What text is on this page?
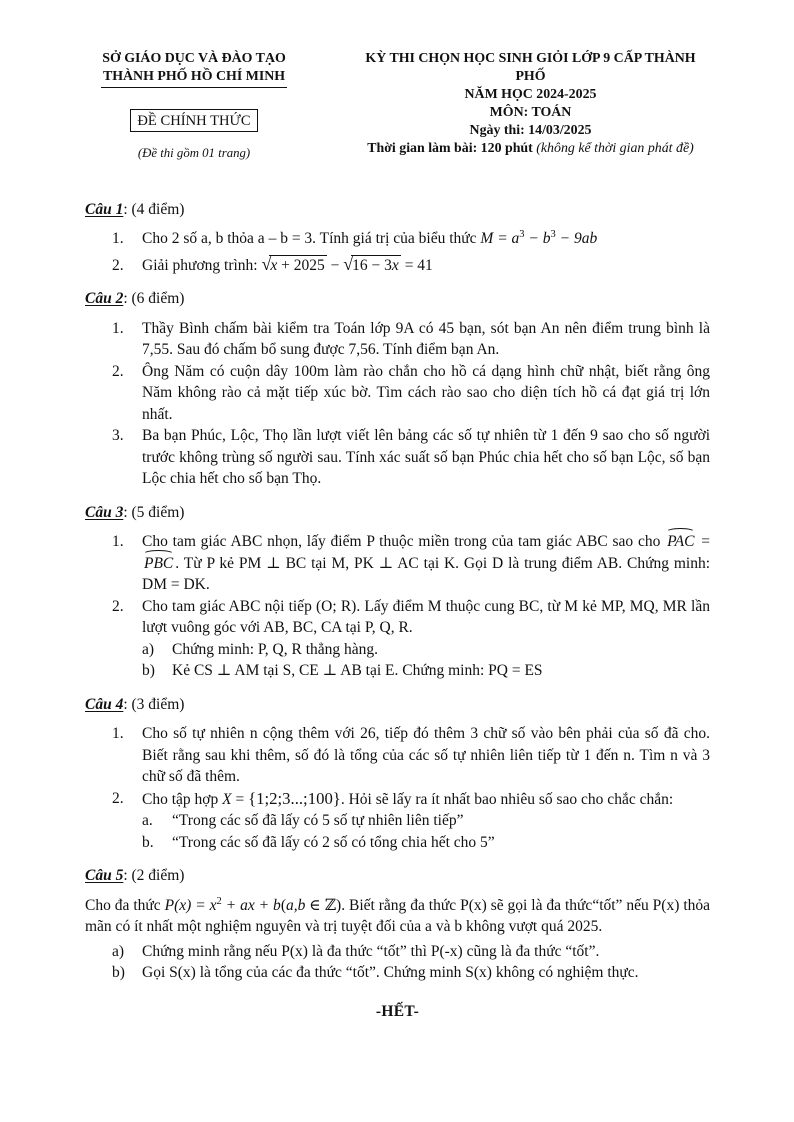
SỞ GIÁO DỤC VÀ ĐÀO TẠO
THÀNH PHỐ HỒ CHÍ MINH
ĐỀ CHÍNH THỨC
(Đề thi gồm 01 trang)
KỲ THI CHỌN HỌC SINH GIỎI LỚP 9 CẤP THÀNH PHỐ
NĂM HỌC 2024-2025
MÔN: TOÁN
Ngày thi: 14/03/2025
Thời gian làm bài: 120 phút (không kể thời gian phát đề)
Câu 1: (4 điểm)
1.	Cho 2 số a, b thỏa a – b = 3. Tính giá trị của biểu thức $M = a^3 - b^3 - 9ab$
2.	Giải phương trình: √x + 2025 − √16 − 3x = 41
Câu 2: (6 điểm)
1.	Thầy Bình chấm bài kiểm tra Toán lớp 9A có 45 bạn, sót bạn An nên điểm trung bình là 7,55. Sau đó chấm bổ sung được 7,56. Tính điểm bạn An.
2.	Ông Năm có cuộn dây 100m làm rào chắn cho hồ cá dạng hình chữ nhật, biết rằng ông Năm không rào cả mặt tiếp xúc bờ. Tìm cách rào sao cho diện tích hồ cá đạt giá trị lớn nhất.
3.	Ba bạn Phúc, Lộc, Thọ lần lượt viết lên bảng các số tự nhiên từ 1 đến 9 sao cho số người trước không trùng số người sau. Tính xác suất số bạn Phúc chia hết cho số bạn Lộc, số bạn Lộc chia hết cho số bạn Thọ.
Câu 3: (5 điểm)
1.	Cho tam giác ABC nhọn, lấy điểm P thuộc miền trong của tam giác ABC sao cho PAC = PBC . Từ P kẻ PM ⊥ BC tại M, PK ⊥ AC tại K. Gọi D là trung điểm AB. Chứng minh: DM = DK.
2.	Cho tam giác ABC nội tiếp (O; R). Lấy điểm M thuộc cung BC, từ M kẻ MP, MQ, MR lần lượt vuông góc với AB, BC, CA tại P, Q, R.
a)	Chứng minh: P, Q, R thẳng hàng.
b)	Kẻ CS ⊥ AM tại S, CE ⊥ AB tại E. Chứng minh: PQ = ES
Câu 4: (3 điểm)
1.	Cho số tự nhiên n cộng thêm với 26, tiếp đó thêm 3 chữ số vào bên phải của số đã cho. Biết rằng sau khi thêm, số đó là tổng của các số tự nhiên liên tiếp từ 1 đến n. Tìm n và 3 chữ số đã thêm.
2.	Cho tập hợp X = {1;2;3...;100}. Hỏi sẽ lấy ra ít nhất bao nhiêu số sao cho chắc chắn:
a.	“Trong các số đã lấy có 5 số tự nhiên liên tiếp”
b.	“Trong các số đã lấy có 2 số có tổng chia hết cho 5”
Câu 5: (2 điểm)
Cho đa thức $P(x) = x^2$ + ax + b(a,b ∈ ℤ). Biết rằng đa thức P(x) sẽ gọi là đa thức“tốt” nếu P(x) thỏa mãn có ít nhất một nghiệm nguyên và trị tuyệt đối của a và b không vượt quá 2025.
a)	Chứng minh rằng nếu P(x) là đa thức “tốt” thì P(-x) cũng là đa thức “tốt”.
b)	Gọi S(x) là tổng của các đa thức “tốt”. Chứng minh S(x) không có nghiệm thực.
-HẾT-
